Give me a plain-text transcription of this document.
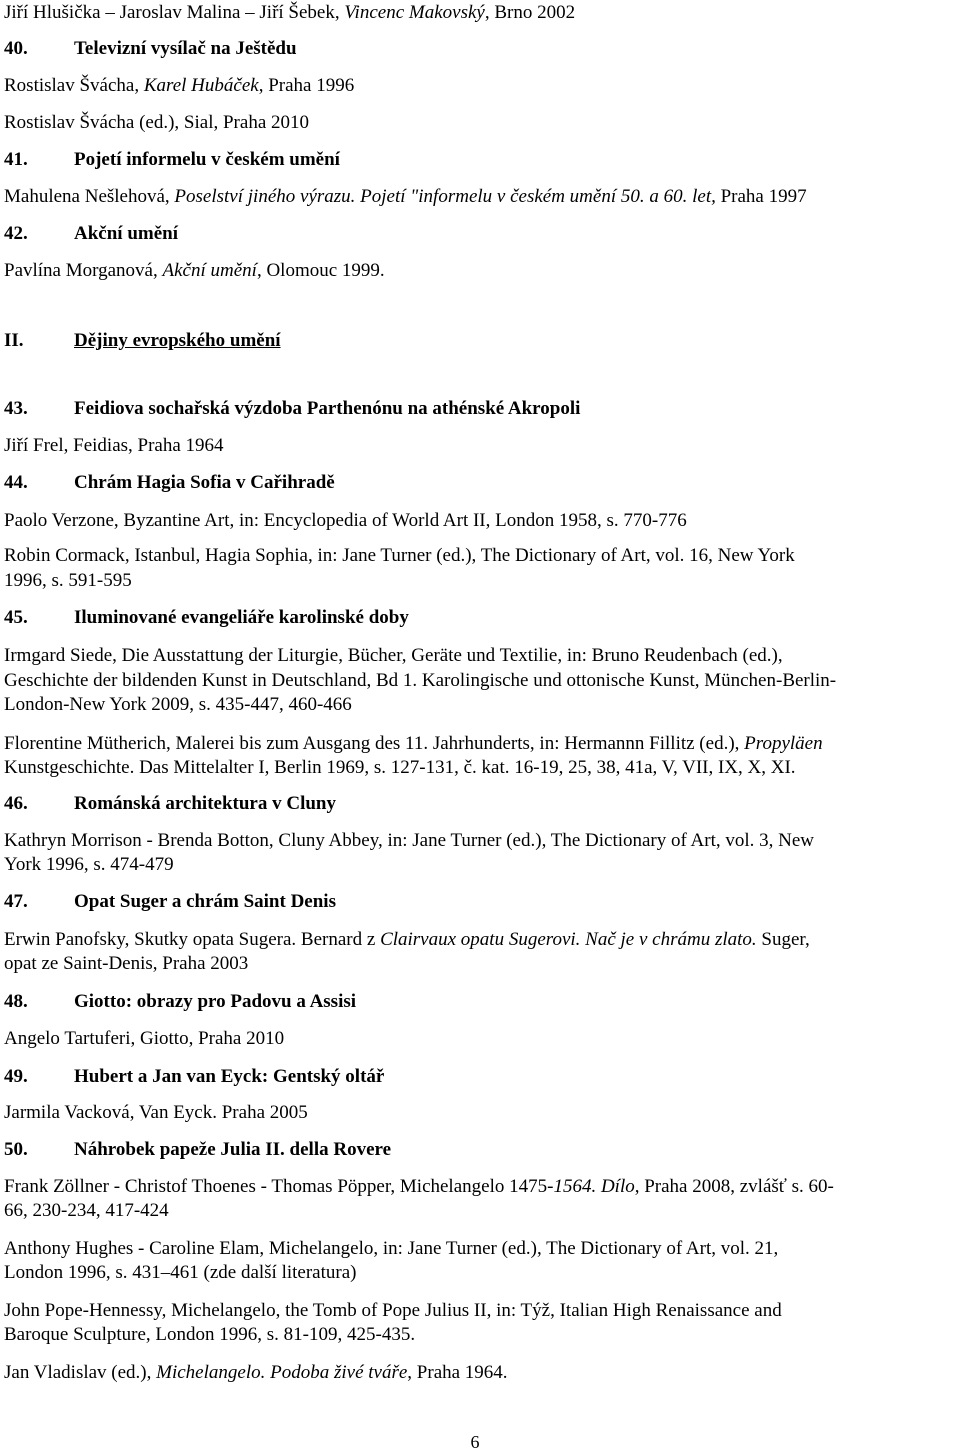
Jiří Hlušička – Jaroslav Malina – Jiří Šebek, Vincenc Makovský, Brno 2002
40. Televizní vysílač na Ještědu
Rostislav Švácha, Karel Hubáček, Praha 1996
Rostislav Švácha (ed.), Sial, Praha 2010
41. Pojetí informelu v českém umění
Mahulena Nešlehová, Poselství jiného výrazu. Pojetí "informelu v českém umění 50. a 60. let, Praha 1997
42. Akční umění
Pavlína Morganová, Akční umění, Olomouc 1999.
II.	Dějiny evropského umění
43. Feidiova sochařská výzdoba Parthenónu na athénské Akropoli
Jiří Frel, Feidias, Praha 1964
44. Chrám Hagia Sofia v Cařihradě
Paolo Verzone, Byzantine Art, in: Encyclopedia of World Art II, London 1958, s. 770-776
Robin Cormack, Istanbul, Hagia Sophia, in: Jane Turner (ed.), The Dictionary of Art, vol. 16, New York
1996, s. 591-595
45. Iluminované evangeliáře karolinské doby
Irmgard Siede, Die Ausstattung der Liturgie, Bücher, Geräte und Textilie, in: Bruno Reudenbach (ed.),
Geschichte der bildenden Kunst in Deutschland, Bd 1. Karolingische und ottonische Kunst, München-Berlin-
London-New York 2009, s. 435-447, 460-466
Florentine Mütherich, Malerei bis zum Ausgang des 11. Jahrhunderts, in: Hermannn Fillitz (ed.), Propyläen
Kunstgeschichte. Das Mittelalter I, Berlin 1969, s. 127-131, č. kat. 16-19, 25, 38, 41a, V, VII, IX, X, XI.
46. Románská architektura v Cluny
Kathryn Morrison - Brenda Botton, Cluny Abbey, in: Jane Turner (ed.), The Dictionary of Art, vol. 3, New
York 1996, s. 474-479
47. Opat Suger a chrám Saint Denis
Erwin Panofsky, Skutky opata Sugera. Bernard z Clairvaux opatu Sugerovi. Nač je v chrámu zlato. Suger,
opat ze Saint-Denis, Praha 2003
48. Giotto: obrazy pro Padovu a Assisi
Angelo Tartuferi, Giotto, Praha 2010
49. Hubert a Jan van Eyck: Gentský oltář
Jarmila Vacková, Van Eyck. Praha 2005
50. Náhrobek papeže Julia II. della Rovere
Frank Zöllner - Christof Thoenes - Thomas Pöpper, Michelangelo 1475-1564. Dílo, Praha 2008, zvlášť s. 60-
66, 230-234, 417-424
Anthony Hughes - Caroline Elam, Michelangelo, in: Jane Turner (ed.), The Dictionary of Art, vol. 21,
London 1996, s. 431–461 (zde další literatura)
John Pope-Hennessy, Michelangelo, the Tomb of Pope Julius II, in: Týž, Italian High Renaissance and
Baroque Sculpture, London 1996, s. 81-109, 425-435.
Jan Vladislav (ed.), Michelangelo. Podoba živé tváře, Praha 1964.
6
